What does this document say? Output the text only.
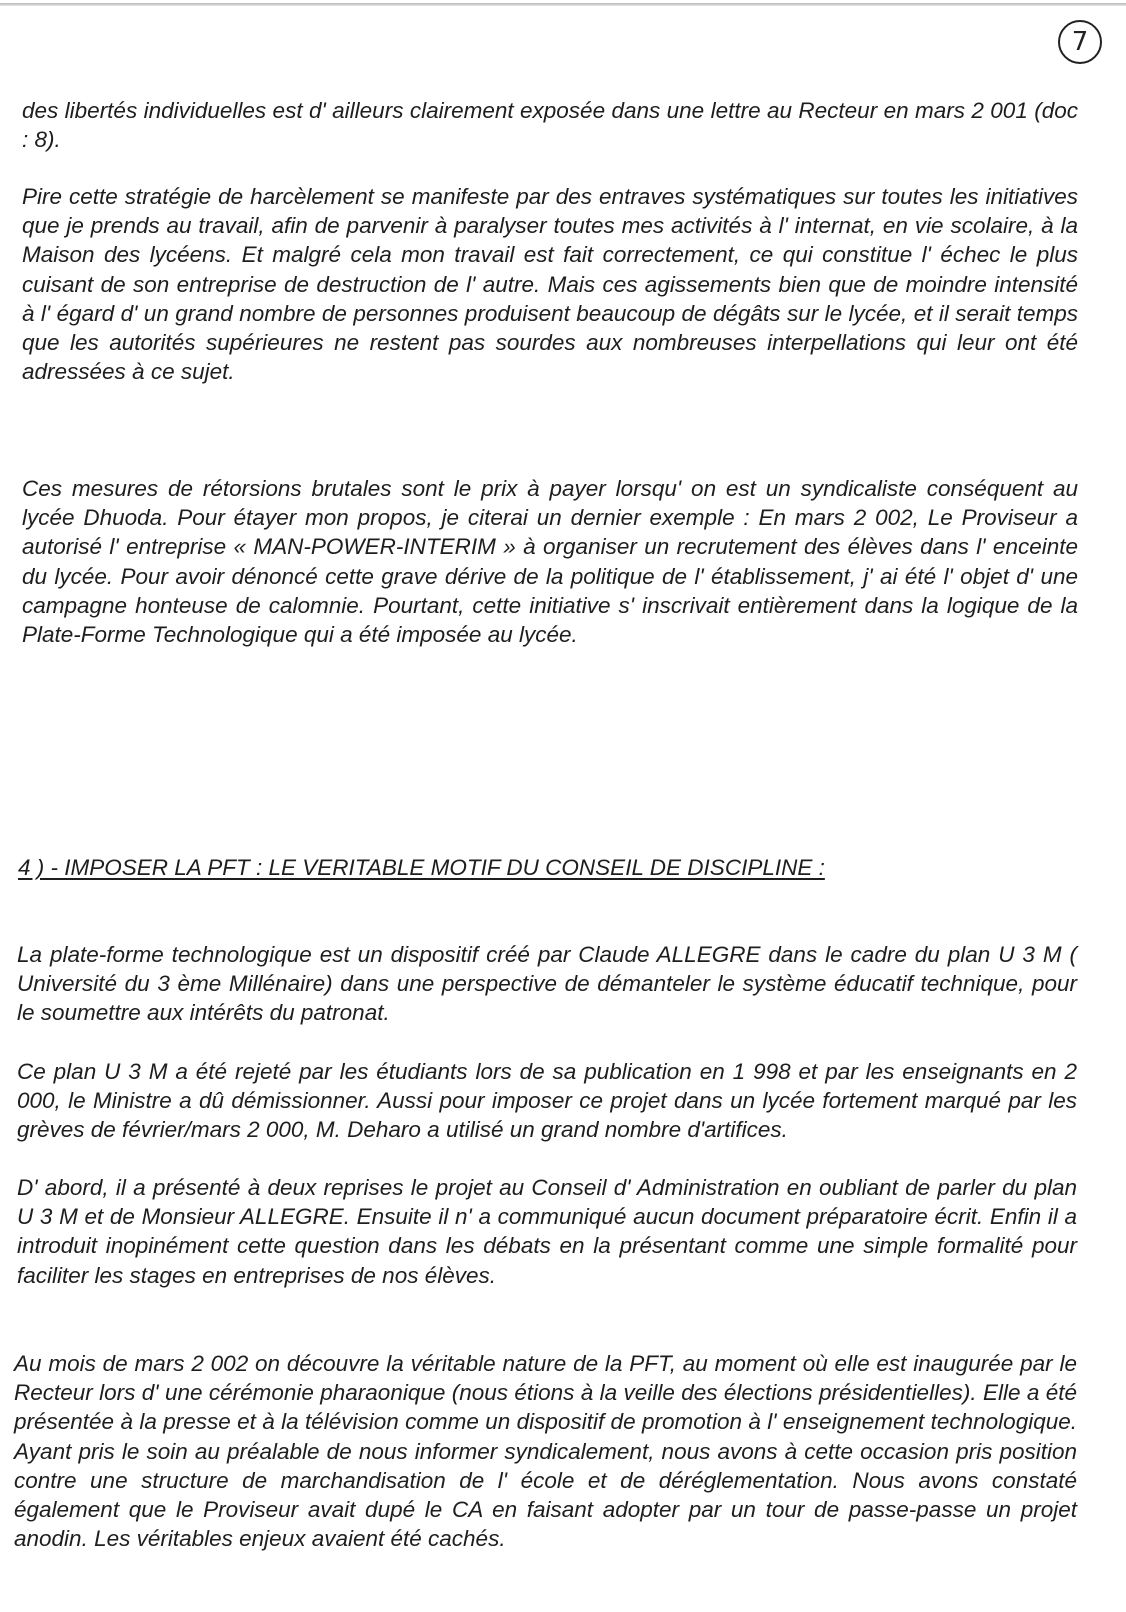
7

des libertés individuelles est d' ailleurs clairement exposée dans une lettre au Recteur en mars 2 001 (doc : 8).

Pire cette stratégie de harcèlement se manifeste par des entraves systématiques sur toutes les initiatives que je prends au travail, afin de parvenir à paralyser toutes mes activités à l' internat, en vie scolaire, à la Maison des lycéens. Et malgré cela mon travail est fait correctement, ce qui constitue l' échec le plus cuisant de son entreprise de destruction de l' autre. Mais ces agissements bien que de moindre intensité à l' égard d' un grand nombre de personnes produisent beaucoup de dégâts sur le lycée, et il serait temps que les autorités supérieures ne restent pas sourdes aux nombreuses interpellations qui leur ont été adressées à ce sujet.

Ces mesures de rétorsions brutales sont le prix à payer lorsqu' on est un syndicaliste conséquent au lycée Dhuoda. Pour étayer mon propos, je citerai un dernier exemple : En mars 2 002, Le Proviseur a autorisé l' entreprise « MAN-POWER-INTERIM » à organiser un recrutement des élèves dans l' enceinte du lycée. Pour avoir dénoncé cette grave dérive de la politique de l' établissement, j' ai été l' objet d' une campagne honteuse de calomnie. Pourtant, cette initiative s' inscrivait entièrement dans la logique de la Plate-Forme Technologique qui a été imposée au lycée.

4 ) - IMPOSER LA PFT : LE VERITABLE MOTIF DU CONSEIL DE DISCIPLINE :

La plate-forme technologique est un dispositif créé par Claude ALLEGRE dans le cadre du plan U 3 M ( Université du 3 ème Millénaire) dans une perspective de démanteler le système éducatif technique, pour le soumettre aux intérêts du patronat.

Ce plan U 3 M a été rejeté par les étudiants lors de sa publication en 1 998 et par les enseignants en 2 000, le Ministre a dû démissionner. Aussi pour imposer ce projet dans un lycée fortement marqué par les grèves de février/mars 2 000, M. Deharo a utilisé un grand nombre d'artifices.

D' abord, il a présenté à deux reprises le projet au Conseil d' Administration en oubliant de parler du plan U 3 M et de Monsieur ALLEGRE. Ensuite il n' a communiqué aucun document préparatoire écrit. Enfin il a introduit inopinément cette question dans les débats en la présentant comme une simple formalité pour faciliter les stages en entreprises de nos élèves.

Au mois de mars 2 002 on découvre la véritable nature de la PFT, au moment où elle est inaugurée par le Recteur lors d' une cérémonie pharaonique (nous étions à la veille des élections présidentielles). Elle a été présentée à la presse et à la télévision comme un dispositif de promotion à l' enseignement technologique. Ayant pris le soin au préalable de nous informer syndicalement, nous avons à cette occasion pris position contre une structure de marchandisation de l' école et de déréglementation. Nous avons constaté également que le Proviseur avait dupé le CA en faisant adopter par un tour de passe-passe un projet anodin. Les véritables enjeux avaient été cachés.
